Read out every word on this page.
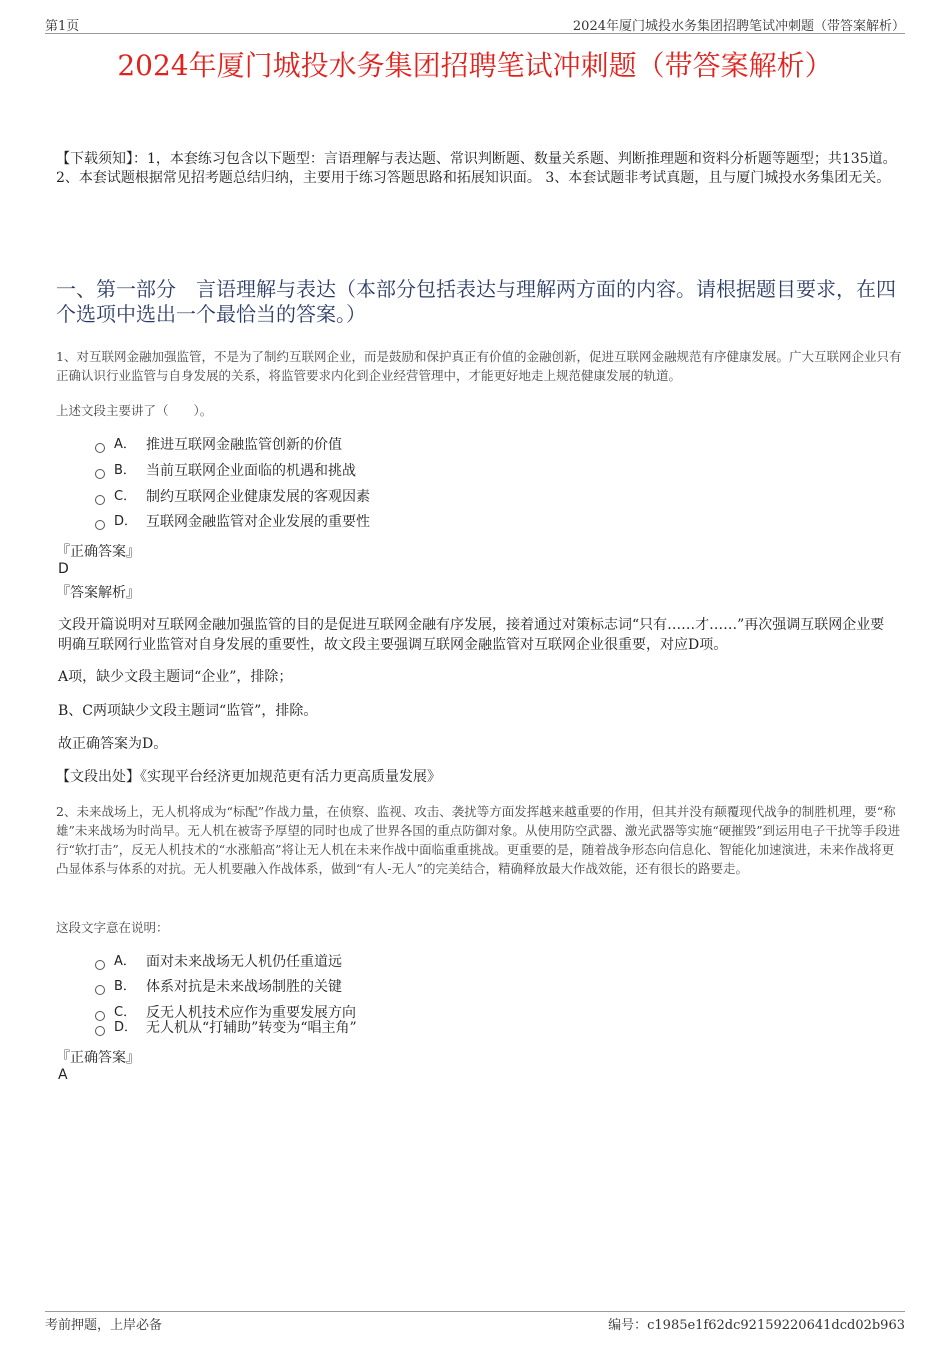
第1页	2024年厦门城投水务集团招聘笔试冲刺题（带答案解析）
2024年厦门城投水务集团招聘笔试冲刺题（带答案解析）
【下载须知】：1，本套练习包含以下题型：言语理解与表达题、常识判断题、数量关系题、判断推理题和资料分析题等题型；共135道。 2、本套试题根据常见招考题总结归纳，主要用于练习答题思路和拓展知识面。 3、本套试题非考试真题，且与厦门城投水务集团无关。
一、第一部分　言语理解与表达（本部分包括表达与理解两方面的内容。请根据题目要求，在四个选项中选出一个最恰当的答案。）
1、对互联网金融加强监管，不是为了制约互联网企业，而是鼓励和保护真正有价值的金融创新，促进互联网金融规范有序健康发展。广大互联网企业只有正确认识行业监管与自身发展的关系，将监管要求内化到企业经营管理中，才能更好地走上规范健康发展的轨道。
上述文段主要讲了（　　）。
A． 推进互联网金融监管创新的价值
B． 当前互联网企业面临的机遇和挑战
C． 制约互联网企业健康发展的客观因素
D． 互联网金融监管对企业发展的重要性
『正确答案』
D
『答案解析』
文段开篇说明对互联网金融加强监管的目的是促进互联网金融有序发展，接着通过对策标志词“只有……才……”再次强调互联网企业要明确互联网行业监管对自身发展的重要性，故文段主要强调互联网金融监管对互联网企业很重要，对应D项。
A项，缺少文段主题词“企业”，排除；
B、C两项缺少文段主题词“监管”，排除。
故正确答案为D。
【文段出处】《实现平台经济更加规范更有活力更高质量发展》
2、未来战场上，无人机将成为“标配”作战力量，在侦察、监视、攻击、袭扰等方面发挥越来越重要的作用，但其并没有颠覆现代战争的制胜机理，要“称雄”未来战场为时尚早。无人机在被寄予厚望的同时也成了世界各国的重点防御对象。从使用防空武器、激光武器等实施“硬摧毁”到运用电子干扰等手段进行“软打击”，反无人机技术的“水涨船高”将让无人机在未来作战中面临重重挑战。更重要的是，随着战争形态向信息化、智能化加速演进，未来作战将更凸显体系与体系的对抗。无人机要融入作战体系，做到“有人-无人”的完美结合，精确释放最大作战效能，还有很长的路要走。
这段文字意在说明：
A． 面对未来战场无人机仍任重道远
B． 体系对抗是未来战场制胜的关键
C． 反无人机技术应作为重要发展方向
D． 无人机从“打辅助”转变为“唱主角”
『正确答案』
A
考前押题，上岸必备	编号：c1985e1f62dc92159220641dcd02b963
